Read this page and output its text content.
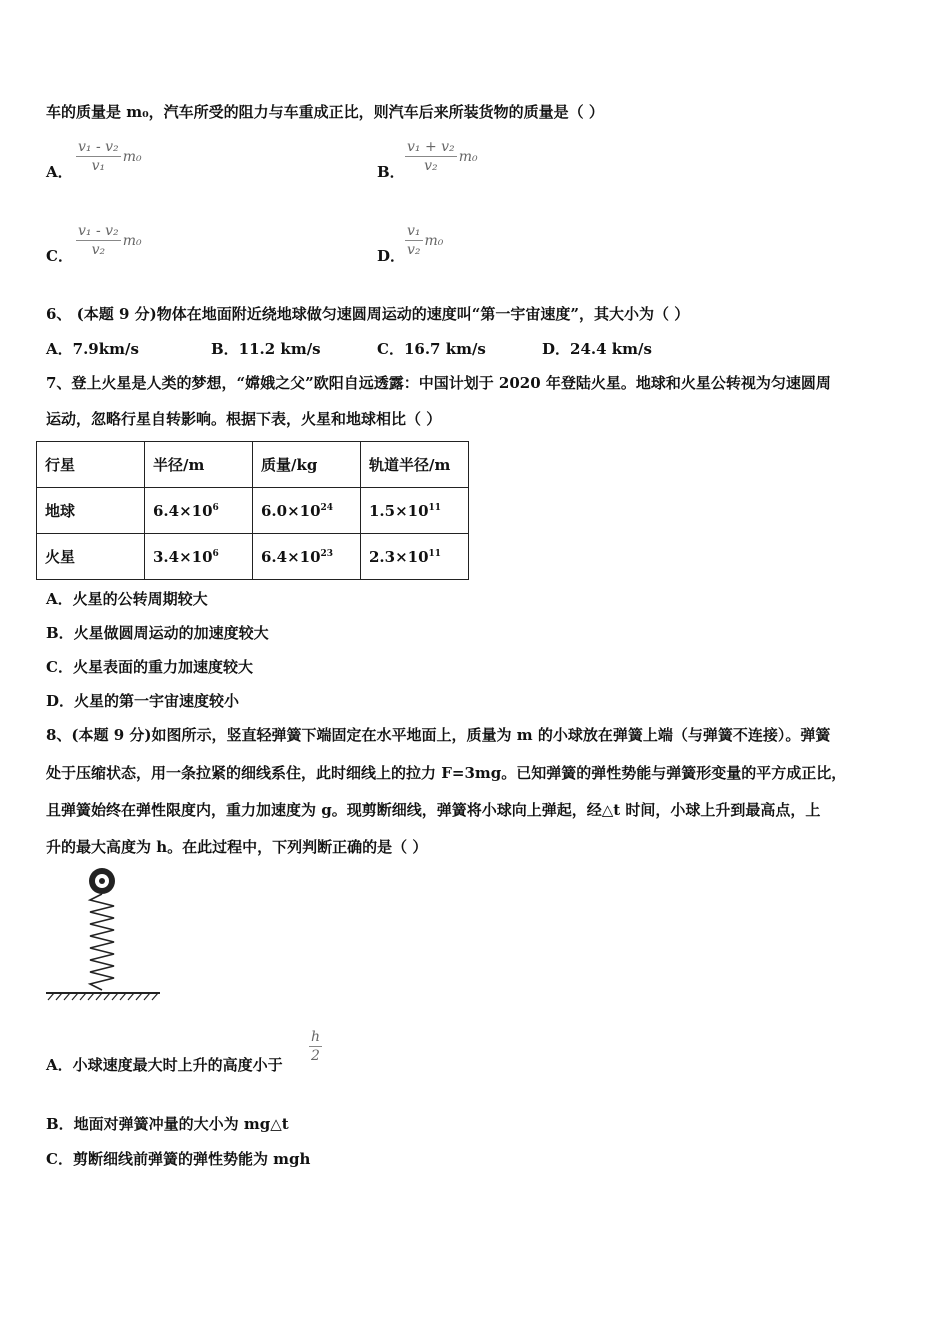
车的质量是 m₀，汽车所受的阻力与车重成正比，则汽车后来所装货物的质量是（ ）
A． $\frac{\text{v₁ - v₂}}{\text{v₁}} m_0$
B． $\frac{\text{v₁ + v₂}}{\text{v₂}} m_0$
C． $\frac{\text{v₁ - v₂}}{\text{v₂}} m_0$
D． $\frac{\text{v₁}}{\text{v₂}} m_0$
6、 (本题 9 分)物体在地面附近绕地球做匀速圆周运动的速度叫“第一宇宙速度”，其大小为（ ）
A．7.9km/s	B．11.2 km/s	C．16.7 km/s	D．24.4 km/s
7、登上火星是人类的梦想，“嫦娥之父”欧阳自远透露：中国计划于 2020 年登陆火星。地球和火星公转视为匀速圆周
运动，忽略行星自转影响。根据下表，火星和地球相比（ ）
行星	半径/m	质量/kg	轨道半径/m
地球	$6.4\times 10^6$	$6.0\times 10^{24}$	$1.5\times 10^{11}$
火星	$3.4\times 10^6$	$6.4\times 10^{23}$	$2.3\times 10^{11}$
A．火星的公转周期较大
B．火星做圆周运动的加速度较大
C．火星表面的重力加速度较大
D．火星的第一宇宙速度较小
8、(本题 9 分)如图所示，竖直轻弹簧下端固定在水平地面上，质量为 m 的小球放在弹簧上端（与弹簧不连接）。弹簧
处于压缩状态，用一条拉紧的细线系住，此时细线上的拉力 F=3mg。已知弹簧的弹性势能与弹簧形变量的平方成正比，
且弹簧始终在弹性限度内，重力加速度为 g。现剪断细线，弹簧将小球向上弹起，经△t 时间，小球上升到最高点，上
升的最大高度为 h。在此过程中，下列判断正确的是（ ）
A．小球速度最大时上升的高度小于 $\frac{h}{2}$
B．地面对弹簧冲量的大小为 mg△t
C．剪断细线前弹簧的弹性势能为 mgh
